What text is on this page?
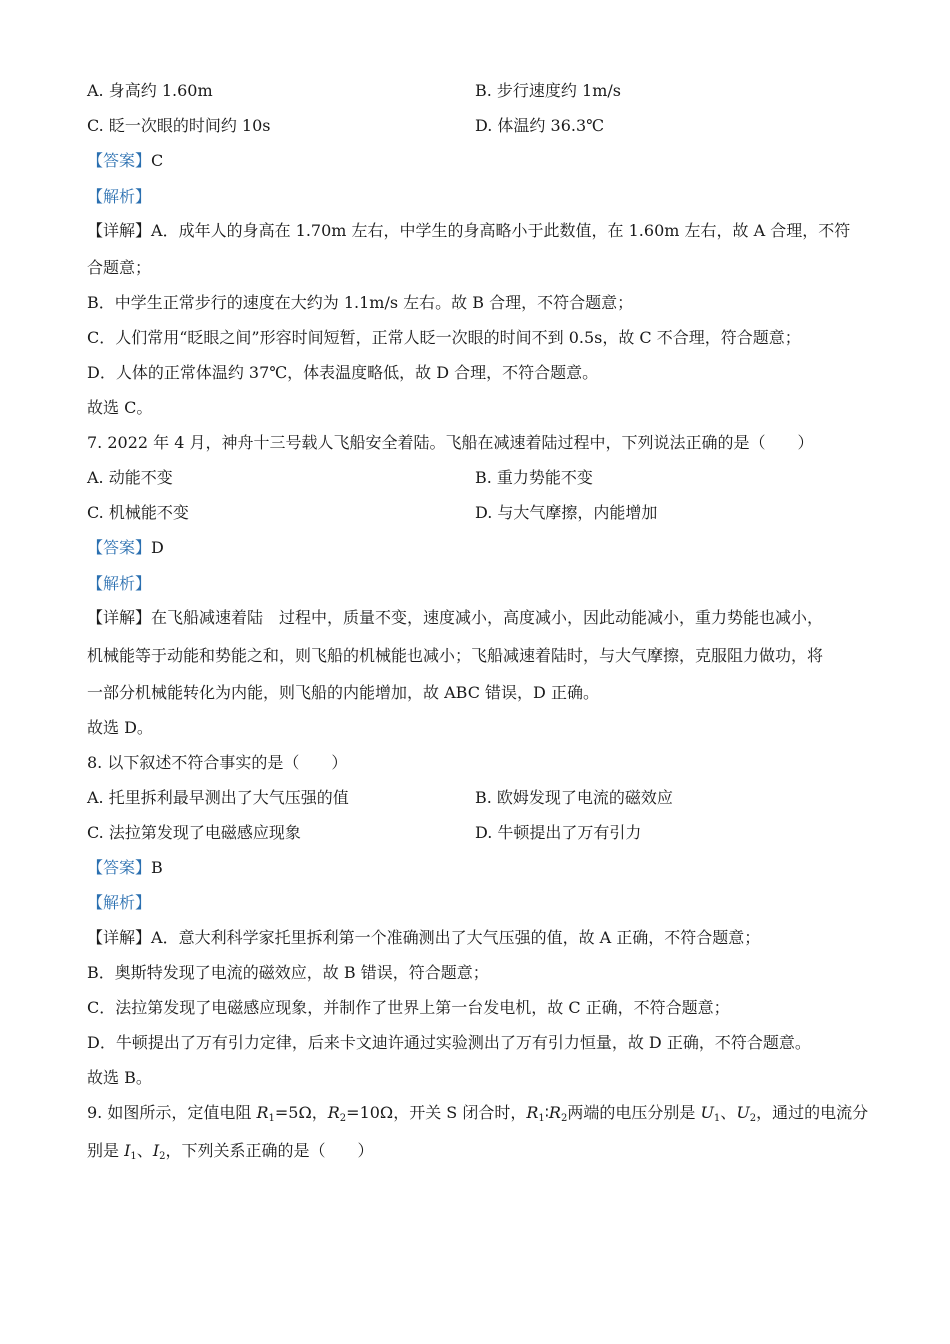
A. 身高约 1.60m	B. 步行速度约 1m/s
C. 眨一次眼的时间约 10s	D. 体温约 36.3℃
【答案】C
【解析】
【详解】A．成年人的身高在 1.70m 左右，中学生的身高略小于此数值，在 1.60m 左右，故 A 合理，不符
合题意；
B．中学生正常步行的速度在大约为 1.1m/s 左右。故 B 合理，不符合题意；
C．人们常用“眨眼之间”形容时间短暂，正常人眨一次眼的时间不到 0.5s，故 C 不合理，符合题意；
D．人体的正常体温约 37℃，体表温度略低，故 D 合理，不符合题意。
故选 C。
7. 2022 年 4 月，神舟十三号载人飞船安全着陆。飞船在减速着陆过程中，下列说法正确的是（　　）
A. 动能不变	B. 重力势能不变
C. 机械能不变	D. 与大气摩擦，内能增加
【答案】D
【解析】
【详解】在飞船减速着陆　过程中，质量不变，速度减小，高度减小，因此动能减小，重力势能也减小，
机械能等于动能和势能之和，则飞船的机械能也减小；飞船减速着陆时，与大气摩擦，克服阻力做功，将
一部分机械能转化为内能，则飞船的内能增加，故 ABC 错误，D 正确。
故选 D。
8. 以下叙述不符合事实的是（　　）
A. 托里拆利最早测出了大气压强的值	B. 欧姆发现了电流的磁效应
C. 法拉第发现了电磁感应现象	D. 牛顿提出了万有引力
【答案】B
【解析】
【详解】A．意大利科学家托里拆利第一个准确测出了大气压强的值，故 A 正确，不符合题意；
B．奥斯特发现了电流的磁效应，故 B 错误，符合题意；
C．法拉第发现了电磁感应现象，并制作了世界上第一台发电机，故 C 正确，不符合题意；
D．牛顿提出了万有引力定律，后来卡文迪许通过实验测出了万有引力恒量，故 D 正确，不符合题意。
故选 B。
9. 如图所示，定值电阻 $R_1=5\Omega$，$R_2=10\Omega$，开关 S 闭合时，$R_1∶R_2$两端的电压分别是 $U_1$、$U_2$，通过的电流分
别是 $I_1$、$I_2$，下列关系正确的是（　　）
